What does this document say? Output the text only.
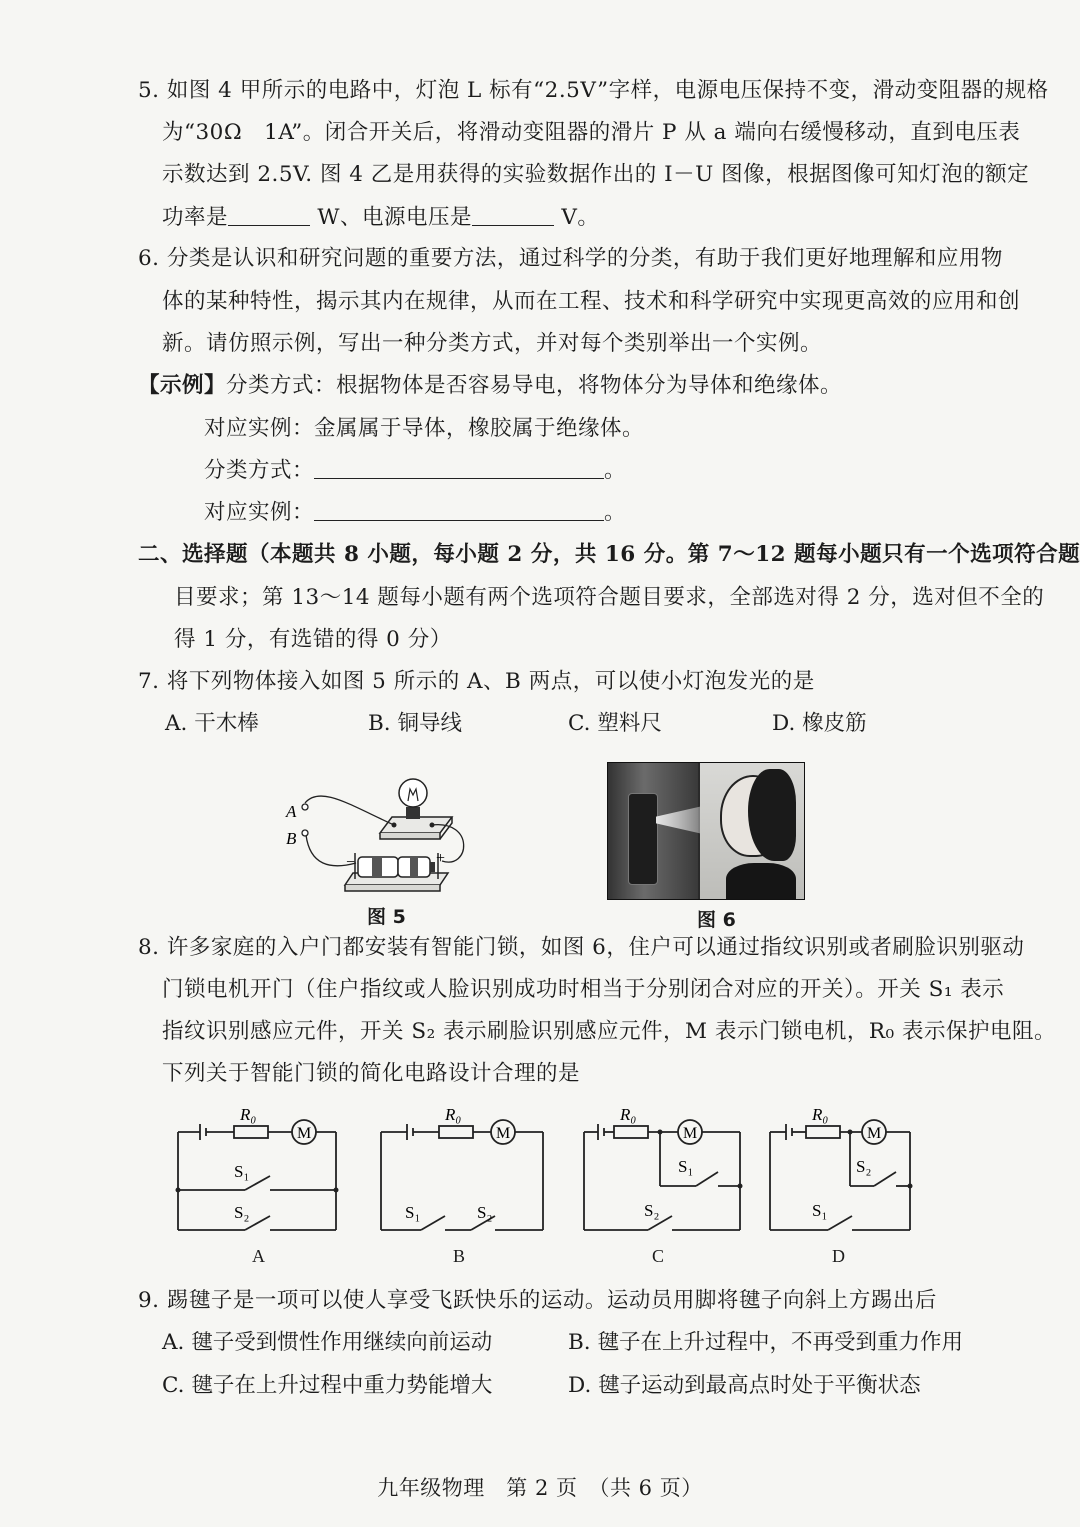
5. 如图 4 甲所示的电路中，灯泡 L 标有“2.5V”字样，电源电压保持不变，滑动变阻器的规格
为“30Ω　1A”。闭合开关后，将滑动变阻器的滑片 P 从 a 端向右缓慢移动，直到电压表
示数达到 2.5V. 图 4 乙是用获得的实验数据作出的 I－U 图像，根据图像可知灯泡的额定
功率是	W、电源电压是	V。
6. 分类是认识和研究问题的重要方法，通过科学的分类，有助于我们更好地理解和应用物
体的某种特性，揭示其内在规律，从而在工程、技术和科学研究中实现更高效的应用和创
新。请仿照示例，写出一种分类方式，并对每个类别举出一个实例。
【示例】分类方式：根据物体是否容易导电，将物体分为导体和绝缘体。
对应实例：金属属于导体，橡胶属于绝缘体。
分类方式：	。
对应实例：	。
二、选择题（本题共 8 小题，每小题 2 分，共 16 分。第 7～12 题每小题只有一个选项符合题
目要求；第 13～14 题每小题有两个选项符合题目要求，全部选对得 2 分，选对但不全的
得 1 分，有选错的得 0 分）
7. 将下列物体接入如图 5 所示的 A、B 两点，可以使小灯泡发光的是
A. 干木棒	B. 铜导线	C. 塑料尺	D. 橡皮筋
A
B
−	+
图 5	图 6
8. 许多家庭的入户门都安装有智能门锁，如图 6，住户可以通过指纹识别或者刷脸识别驱动
门锁电机开门（住户指纹或人脸识别成功时相当于分别闭合对应的开关）。开关 S₁ 表示
指纹识别感应元件，开关 S₂ 表示刷脸识别感应元件，M 表示门锁电机，R₀ 表示保护电阻。
下列关于智能门锁的简化电路设计合理的是
R₀
M
S₁
S₂
A
R₀
M
S₁	S₂
B
R₀
M
S₁
S₂
C
R₀
M
S₂
S₁
D
9. 踢毽子是一项可以使人享受飞跃快乐的运动。运动员用脚将毽子向斜上方踢出后
A. 毽子受到惯性作用继续向前运动	B. 毽子在上升过程中，不再受到重力作用
C. 毽子在上升过程中重力势能增大	D. 毽子运动到最高点时处于平衡状态
九年级物理　第 2 页　（共 6 页）
